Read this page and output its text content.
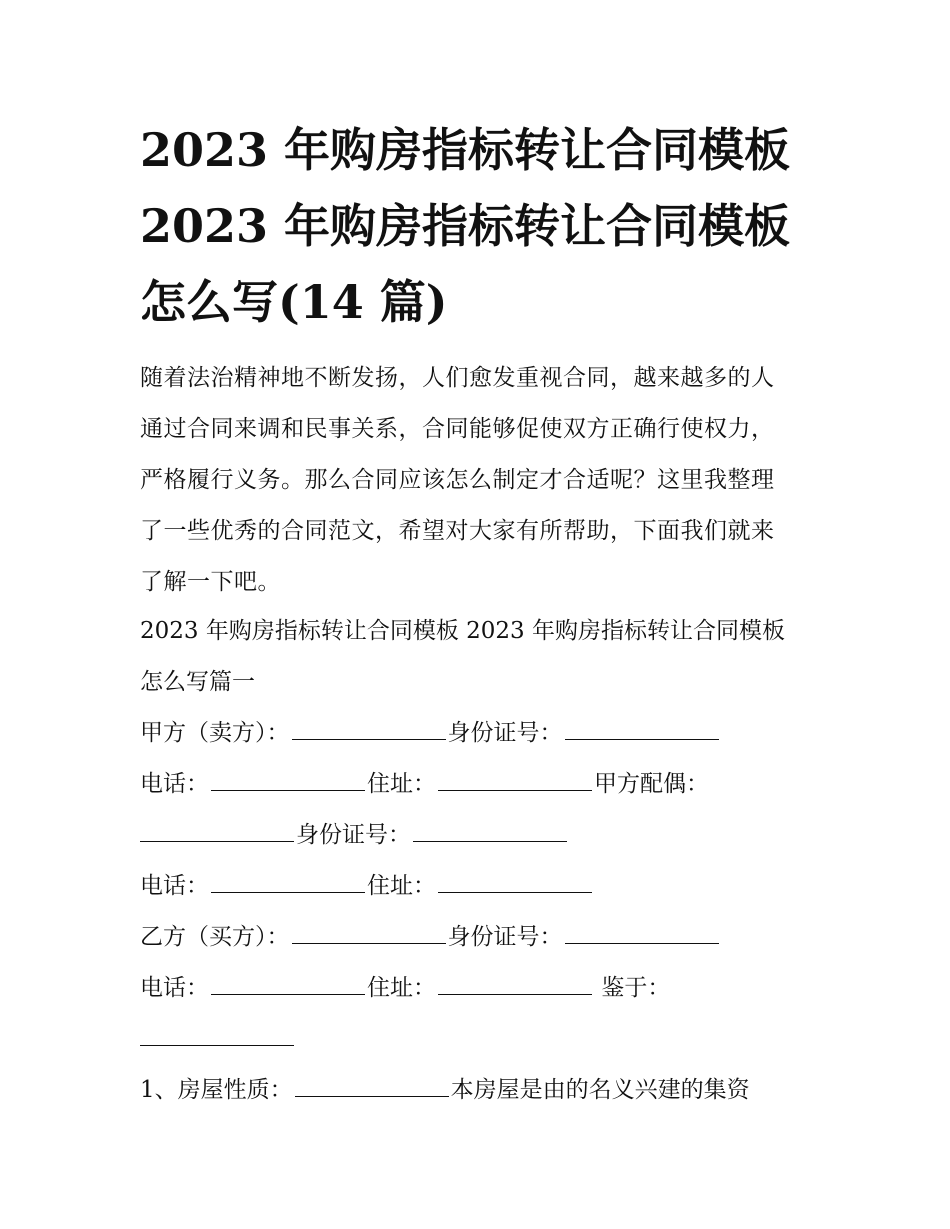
2023 年购房指标转让合同模板
2023 年购房指标转让合同模板
怎么写(14 篇)
随着法治精神地不断发扬，人们愈发重视合同，越来越多的人
通过合同来调和民事关系，合同能够促使双方正确行使权力，
严格履行义务。那么合同应该怎么制定才合适呢？这里我整理
了一些优秀的合同范文，希望对大家有所帮助，下面我们就来
了解一下吧。
2023 年购房指标转让合同模板 2023 年购房指标转让合同模板
怎么写篇一
甲方（卖方）：	身份证号：
电话：	住址：	甲方配偶：
身份证号：
电话：	住址：
乙方（买方）：	身份证号：
电话：	住址：	鉴于：
1、房屋性质：	本房屋是由的名义兴建的集资
